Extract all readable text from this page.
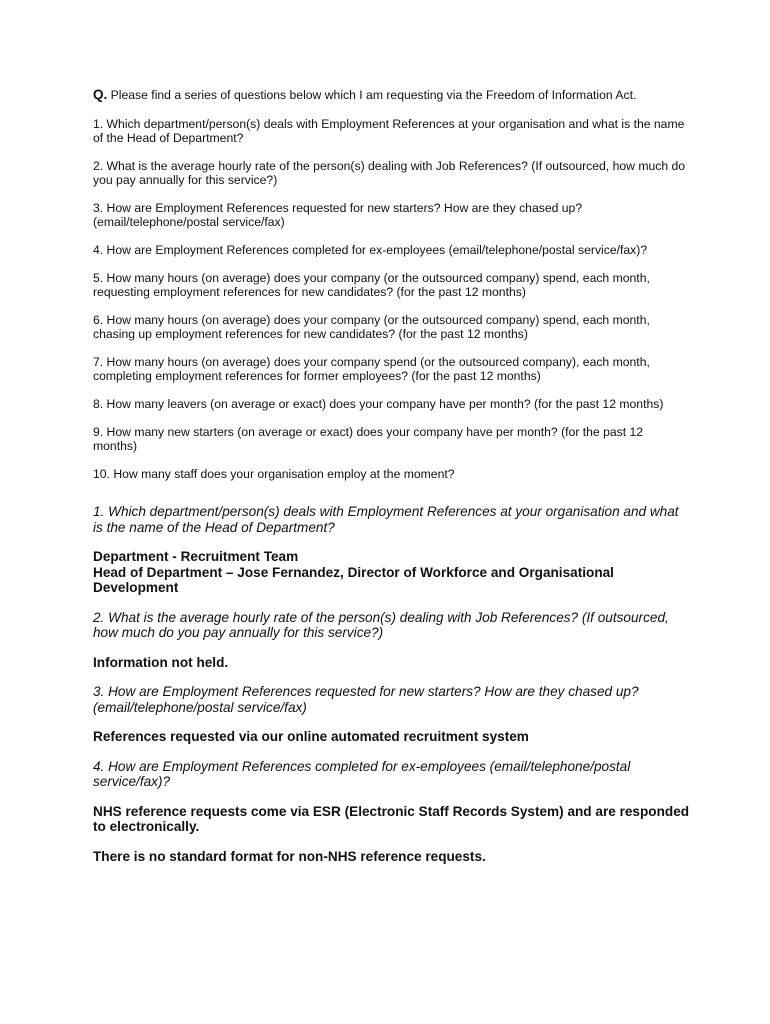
Q. Please find a series of questions below which I am requesting via the Freedom of Information Act.

1. Which department/person(s) deals with Employment References at your organisation and what is the name of the Head of Department?

2. What is the average hourly rate of the person(s) dealing with Job References? (If outsourced, how much do you pay annually for this service?)

3. How are Employment References requested for new starters? How are they chased up? (email/telephone/postal service/fax)

4. How are Employment References completed for ex-employees (email/telephone/postal service/fax)?

5. How many hours (on average) does your company (or the outsourced company) spend, each month, requesting employment references for new candidates? (for the past 12 months)

6. How many hours (on average) does your company (or the outsourced company) spend, each month, chasing up employment references for new candidates? (for the past 12 months)

7. How many hours (on average) does your company spend (or the outsourced company), each month, completing employment references for former employees? (for the past 12 months)

8. How many leavers (on average or exact) does your company have per month? (for the past 12 months)

9. How many new starters (on average or exact) does your company have per month? (for the past 12 months)

10. How many staff does your organisation employ at the moment?

1. Which department/person(s) deals with Employment References at your organisation and what is the name of the Head of Department?

Department - Recruitment Team
Head of Department – Jose Fernandez, Director of Workforce and Organisational Development

2. What is the average hourly rate of the person(s) dealing with Job References? (If outsourced, how much do you pay annually for this service?)

Information not held.

3. How are Employment References requested for new starters? How are they chased up? (email/telephone/postal service/fax)

References requested via our online automated recruitment system

4. How are Employment References completed for ex-employees (email/telephone/postal service/fax)?

NHS reference requests come via ESR (Electronic Staff Records System) and are responded to electronically.

There is no standard format for non-NHS reference requests.
